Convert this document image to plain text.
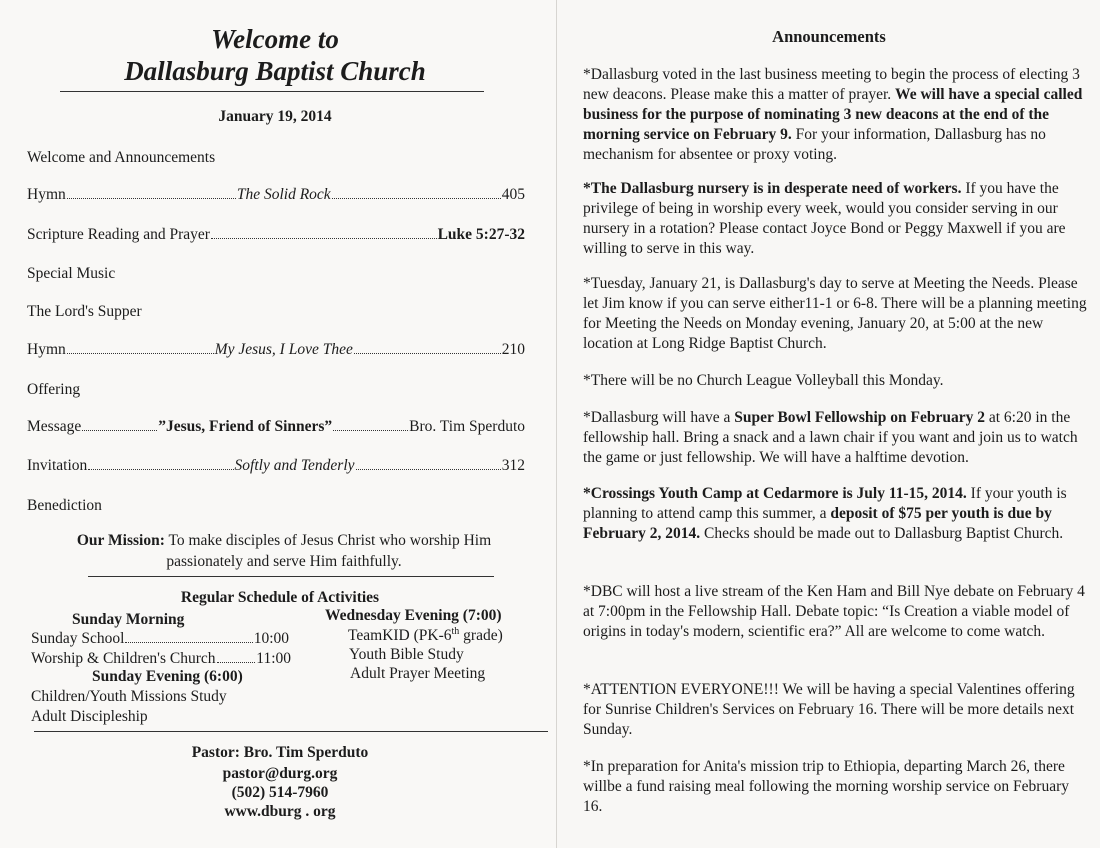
Welcome to
Dallasburg Baptist Church
January 19, 2014
Welcome and Announcements
Hymn	The Solid Rock	405
Scripture Reading and Prayer	Luke 5:27-32
Special Music
The Lord's Supper
Hymn	My Jesus, I Love Thee	210
Offering
Message	”Jesus, Friend of Sinners”	Bro. Tim Sperduto
Invitation	Softly and Tenderly	312
Benediction
Our Mission: To make disciples of Jesus Christ who worship Him passionately and serve Him faithfully.
Regular Schedule of Activities
Sunday Morning	Wednesday Evening (7:00)
Sunday School	10:00
Worship & Children's Church	11:00
TeamKID (PK-6th grade)
Youth Bible Study
Adult Prayer Meeting
Sunday Evening (6:00)
Children/Youth Missions Study
Adult Discipleship
Pastor: Bro. Tim Sperduto
pastor@durg.org
(502) 514-7960
www.dburg . org
Announcements
*Dallasburg voted in the last business meeting to begin the process of electing 3 new deacons. Please make this a matter of prayer. We will have a special called business for the purpose of nominating 3 new deacons at the end of the morning service on February 9. For your information, Dallasburg has no mechanism for absentee or proxy voting.
*The Dallasburg nursery is in desperate need of workers. If you have the privilege of being in worship every week, would you consider serving in our nursery in a rotation? Please contact Joyce Bond or Peggy Maxwell if you are willing to serve in this way.
*Tuesday, January 21, is Dallasburg's day to serve at Meeting the Needs. Please let Jim know if you can serve either11-1 or 6-8. There will be a planning meeting for Meeting the Needs on Monday evening, January 20, at 5:00 at the new location at Long Ridge Baptist Church.
*There will be no Church League Volleyball this Monday.
*Dallasburg will have a Super Bowl Fellowship on February 2 at 6:20 in the fellowship hall. Bring a snack and a lawn chair if you want and join us to watch the game or just fellowship. We will have a halftime devotion.
*Crossings Youth Camp at Cedarmore is July 11-15, 2014. If your youth is planning to attend camp this summer, a deposit of $75 per youth is due by February 2, 2014. Checks should be made out to Dallasburg Baptist Church.
*DBC will host a live stream of the Ken Ham and Bill Nye debate on February 4 at 7:00pm in the Fellowship Hall. Debate topic: “Is Creation a viable model of origins in today's modern, scientific era?” All are welcome to come watch.
*ATTENTION EVERYONE!!! We will be having a special Valentines offering for Sunrise Children's Services on February 16. There will be more details next Sunday.
*In preparation for Anita's mission trip to Ethiopia, departing March 26, there willbe a fund raising meal following the morning worship service on February 16.
